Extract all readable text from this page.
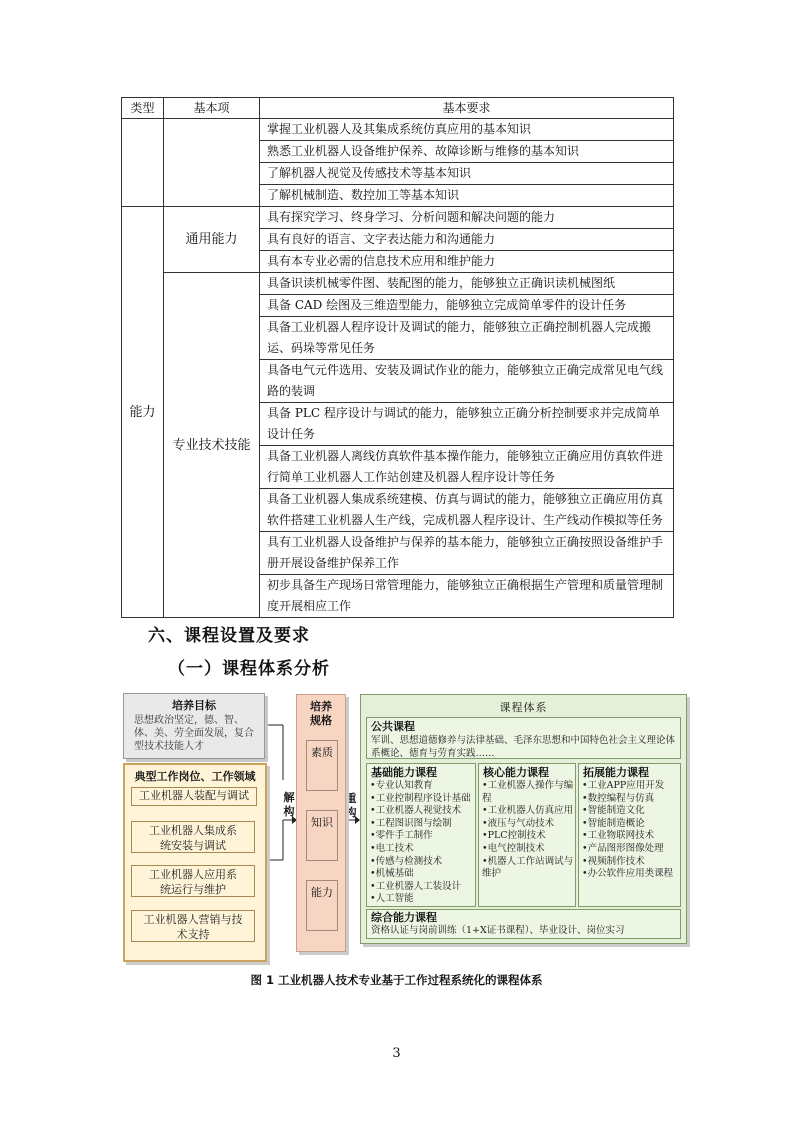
类型	基本项	基本要求
		掌握工业机器人及其集成系统仿真应用的基本知识
		熟悉工业机器人设备维护保养、故障诊断与维修的基本知识
		了解机器人视觉及传感技术等基本知识
		了解机械制造、数控加工等基本知识
能力	通用能力	具有探究学习、终身学习、分析问题和解决问题的能力
		具有良好的语言、文字表达能力和沟通能力
		具有本专业必需的信息技术应用和维护能力
	专业技术技能	具备识读机械零件图、装配图的能力，能够独立正确识读机械图纸
		具备 CAD 绘图及三维造型能力，能够独立完成简单零件的设计任务
		具备工业机器人程序设计及调试的能力，能够独立正确控制机器人完成搬运、码垛等常见任务
		具备电气元件选用、安装及调试作业的能力，能够独立正确完成常见电气线路的装调
		具备 PLC 程序设计与调试的能力，能够独立正确分析控制要求并完成简单设计任务
		具备工业机器人离线仿真软件基本操作能力，能够独立正确应用仿真软件进行简单工业机器人工作站创建及机器人程序设计等任务
		具备工业机器人集成系统建模、仿真与调试的能力，能够独立正确应用仿真软件搭建工业机器人生产线，完成机器人程序设计、生产线动作模拟等任务
		具有工业机器人设备维护与保养的基本能力，能够独立正确按照设备维护手册开展设备维护保养工作
		初步具备生产现场日常管理能力，能够独立正确根据生产管理和质量管理制度开展相应工作
六、课程设置及要求
（一）课程体系分析
培养目标
思想政治坚定，德、智、体、美、劳全面发展，复合型技术技能人才
典型工作岗位、工作领域
工业机器人装配与调试
工业机器人集成系统安装与调试
工业机器人应用系统运行与维护
工业机器人营销与技术支持
解构
重构
培养规格
素质
知识
能力
课程体系
公共课程
军训、思想道德修养与法律基础、毛泽东思想和中国特色社会主义理论体系概论、德育与劳育实践……
基础能力课程
•专业认知教育
•工业控制程序设计基础
•工业机器人视觉技术
•工程图识图与绘制
•零件手工制作
•电工技术
•传感与检测技术
•机械基础
•工业机器人工装设计
•人工智能
核心能力课程
•工业机器人操作与编程
•工业机器人仿真应用
•液压与气动技术
•PLC控制技术
•电气控制技术
•机器人工作站调试与维护
拓展能力课程
•工业APP应用开发
•数控编程与仿真
•智能制造文化
•智能制造概论
•工业物联网技术
•产品图形图像处理
•视频制作技术
•办公软件应用类课程
综合能力课程
资格认证与岗前训练（1+X证书课程）、毕业设计、岗位实习
图 1 工业机器人技术专业基于工作过程系统化的课程体系
3
